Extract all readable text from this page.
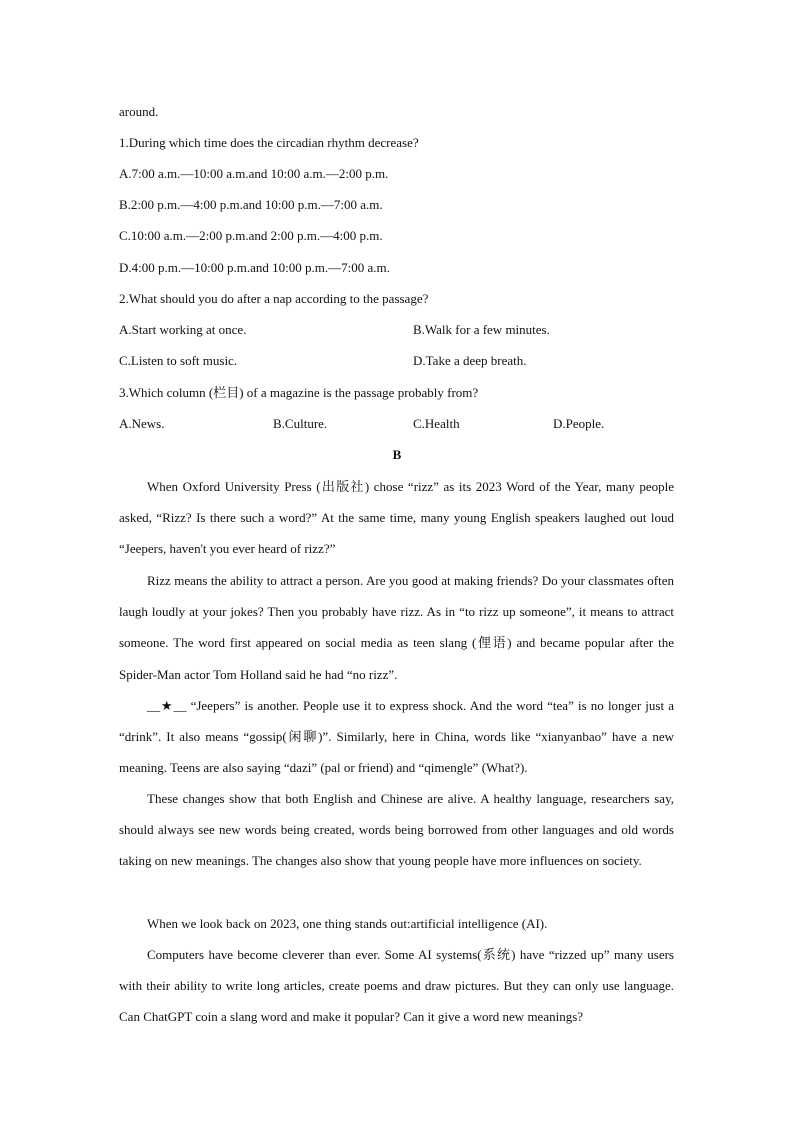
around.
1.During which time does the circadian rhythm decrease?
A.7:00 a.m.—10:00 a.m.and 10:00 a.m.—2:00 p.m.
B.2:00 p.m.—4:00 p.m.and 10:00 p.m.—7:00 a.m.
C.10:00 a.m.—2:00 p.m.and 2:00 p.m.—4:00 p.m.
D.4:00 p.m.—10:00 p.m.and 10:00 p.m.—7:00 a.m.
2.What should you do after a nap according to the passage?
A.Start working at once.	B.Walk for a few minutes.
C.Listen to soft music.	D.Take a deep breath.
3.Which column (栏目) of a magazine is the passage probably from?
A.News.	B.Culture.	C.Health	D.People.
B
When Oxford University Press (出版社) chose “rizz” as its 2023 Word of the Year, many people asked, “Rizz? Is there such a word?” At the same time, many young English speakers laughed out loud “Jeepers, haven't you ever heard of rizz?”
Rizz means the ability to attract a person. Are you good at making friends? Do your classmates often laugh loudly at your jokes? Then you probably have rizz. As in “to rizz up someone”, it means to attract someone. The word first appeared on social media as teen slang (俚语) and became popular after the Spider-Man actor Tom Holland said he had “no rizz”.
__★__ “Jeepers” is another. People use it to express shock. And the word “tea” is no longer just a “drink”. It also means “gossip(闲聊)”. Similarly, here in China, words like “xianyanbao” have a new meaning. Teens are also saying “dazi” (pal or friend) and “qimengle” (What?).
These changes show that both English and Chinese are alive. A healthy language, researchers say, should always see new words being created, words being borrowed from other languages and old words taking on new meanings. The changes also show that young people have more influences on society.
When we look back on 2023, one thing stands out:artificial intelligence (AI).
Computers have become cleverer than ever. Some AI systems(系统) have “rizzed up” many users with their ability to write long articles, create poems and draw pictures. But they can only use language. Can ChatGPT coin a slang word and make it popular? Can it give a word new meanings?
